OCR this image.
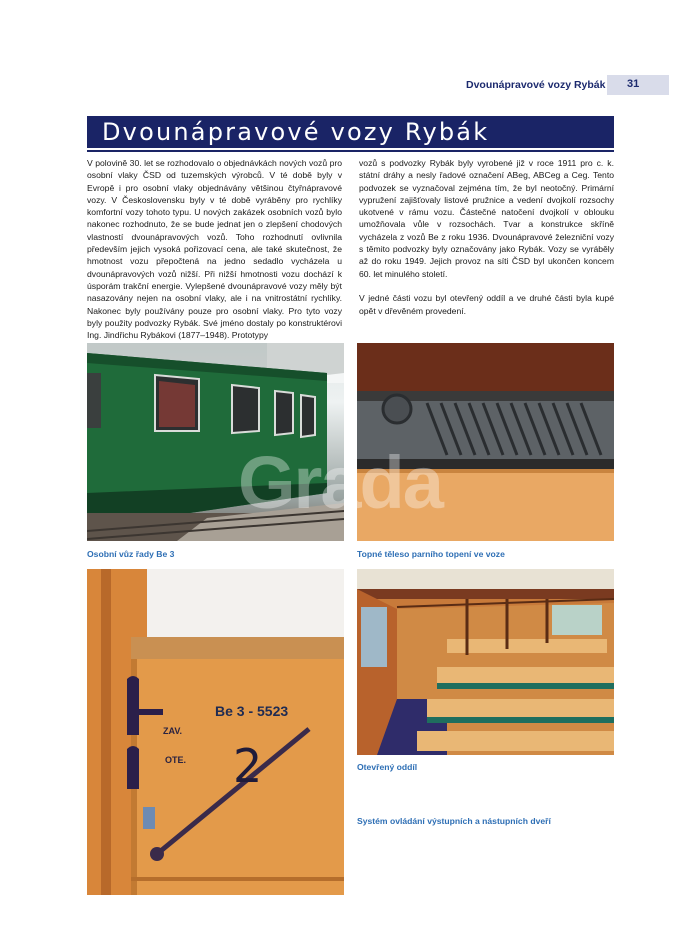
Dvounápravové vozy Rybák 31
Dvounápravové vozy Rybák

V polovině 30. let se rozhodovalo o objednávkách nových vozů pro osobní vlaky ČSD od tuzemských výrobců. V té době byly v Evropě i pro osobní vlaky objednávány většinou čtyřnápravové vozy. V Československu byly v té době vyráběny pro rychlíky komfortní vozy tohoto typu. U nových zakázek osobních vozů bylo nakonec rozhodnuto, že se bude jednat jen o zlepšení chodových vlastností dvounápravových vozů. Toho rozhodnutí ovlivnila především jejich vysoká pořizovací cena, ale také skutečnost, že hmotnost vozu přepočtená na jedno sedadlo vycházela u dvounápravových vozů nižší. Při nižší hmotnosti vozu dochází k úsporám trakční energie. Vylepšené dvounápravové vozy měly být nasazovány nejen na osobní vlaky, ale i na vnitrostátní rychlíky. Nakonec byly používány pouze pro osobní vlaky. Pro tyto vozy byly použity podvozky Rybák. Své jméno dostaly po konstruktérovi Ing. Jindřichu Rybákovi (1877–1948). Prototypy

vozů s podvozky Rybák byly vyrobené již v roce 1911 pro c. k. státní dráhy a nesly řadové označení ABeg, ABCeg a Ceg. Tento podvozek se vyznačoval zejména tím, že byl neotočný. Primární vypružení zajišťovaly listové pružnice a vedení dvojkolí rozsochy ukotvené v rámu vozu. Částečné natočení dvojkolí v oblouku umožňovala vůle v rozsochách. Tvar a konstrukce skříně vycházela z vozů Be z roku 1936. Dvounápravové železniční vozy s těmito podvozky byly označovány jako Rybák. Vozy se vyráběly až do roku 1949. Jejich provoz na síti ČSD byl ukončen koncem 60. let minulého století.

V jedné části vozu byl otevřený oddíl a ve druhé části byla kupé opět v dřevěném provedení.

Osobní vůz řady Be 3	Topné těleso parního topení ve voze
Be 3 - 5523
ZAV.
OTE. 2
Systém ovládání výstupních a nástupních dveří
Otevřený oddíl
Grada
